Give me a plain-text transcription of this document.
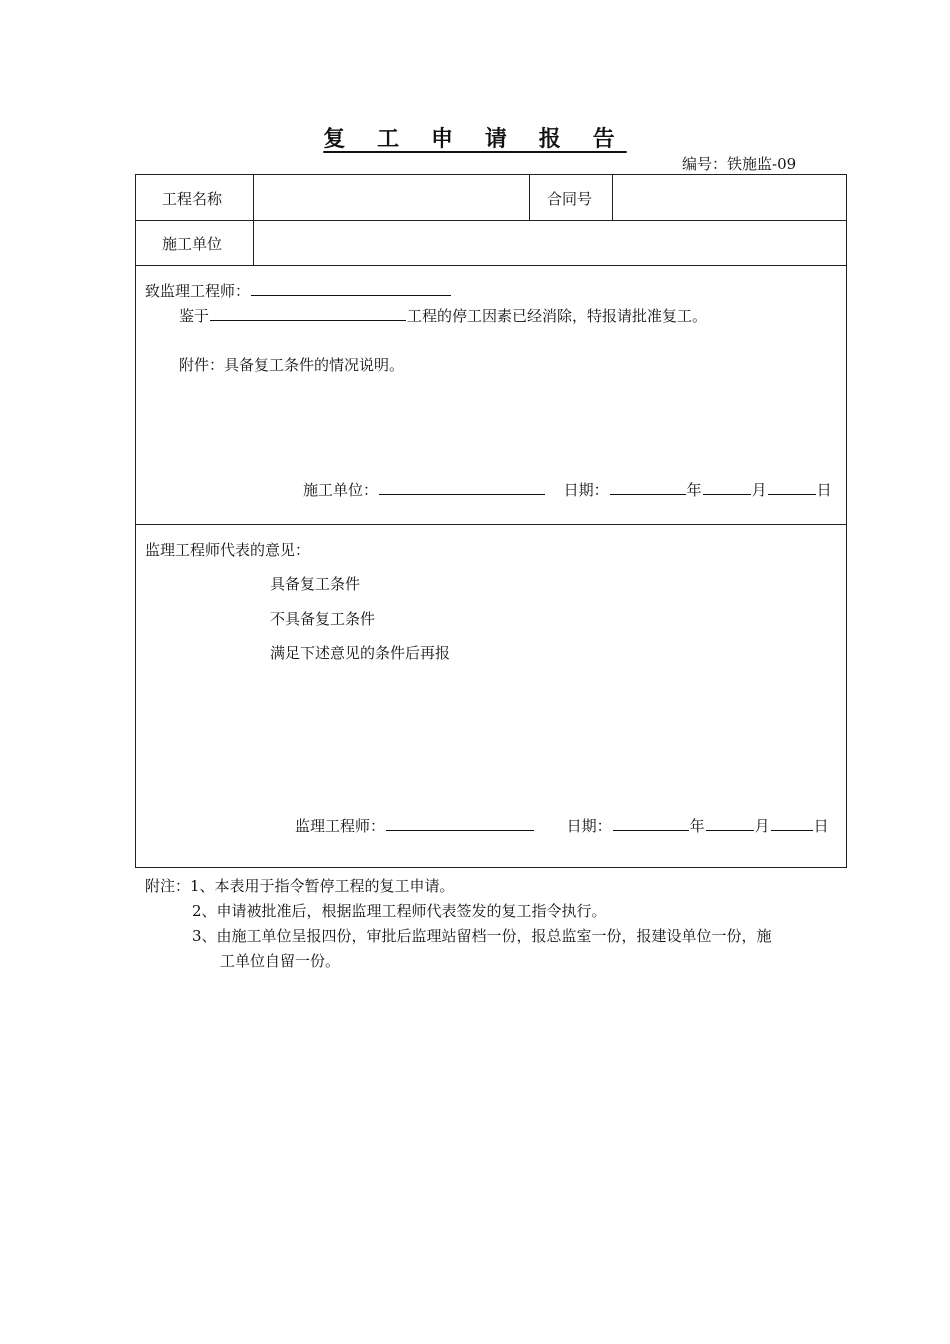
复 工 申 请 报 告
编号：铁施监-09
工程名称	合同号
施工单位
致监理工程师：
鉴于	工程的停工因素已经消除，特报请批准复工。
附件：具备复工条件的情况说明。
施工单位：	日期：	年	月	日
监理工程师代表的意见：
具备复工条件
不具备复工条件
满足下述意见的条件后再报
监理工程师：	日期：	年	月	日
附注：1、本表用于指令暂停工程的复工申请。
2、申请被批准后，根据监理工程师代表签发的复工指令执行。
3、由施工单位呈报四份，审批后监理站留档一份，报总监室一份，报建设单位一份，施
工单位自留一份。
